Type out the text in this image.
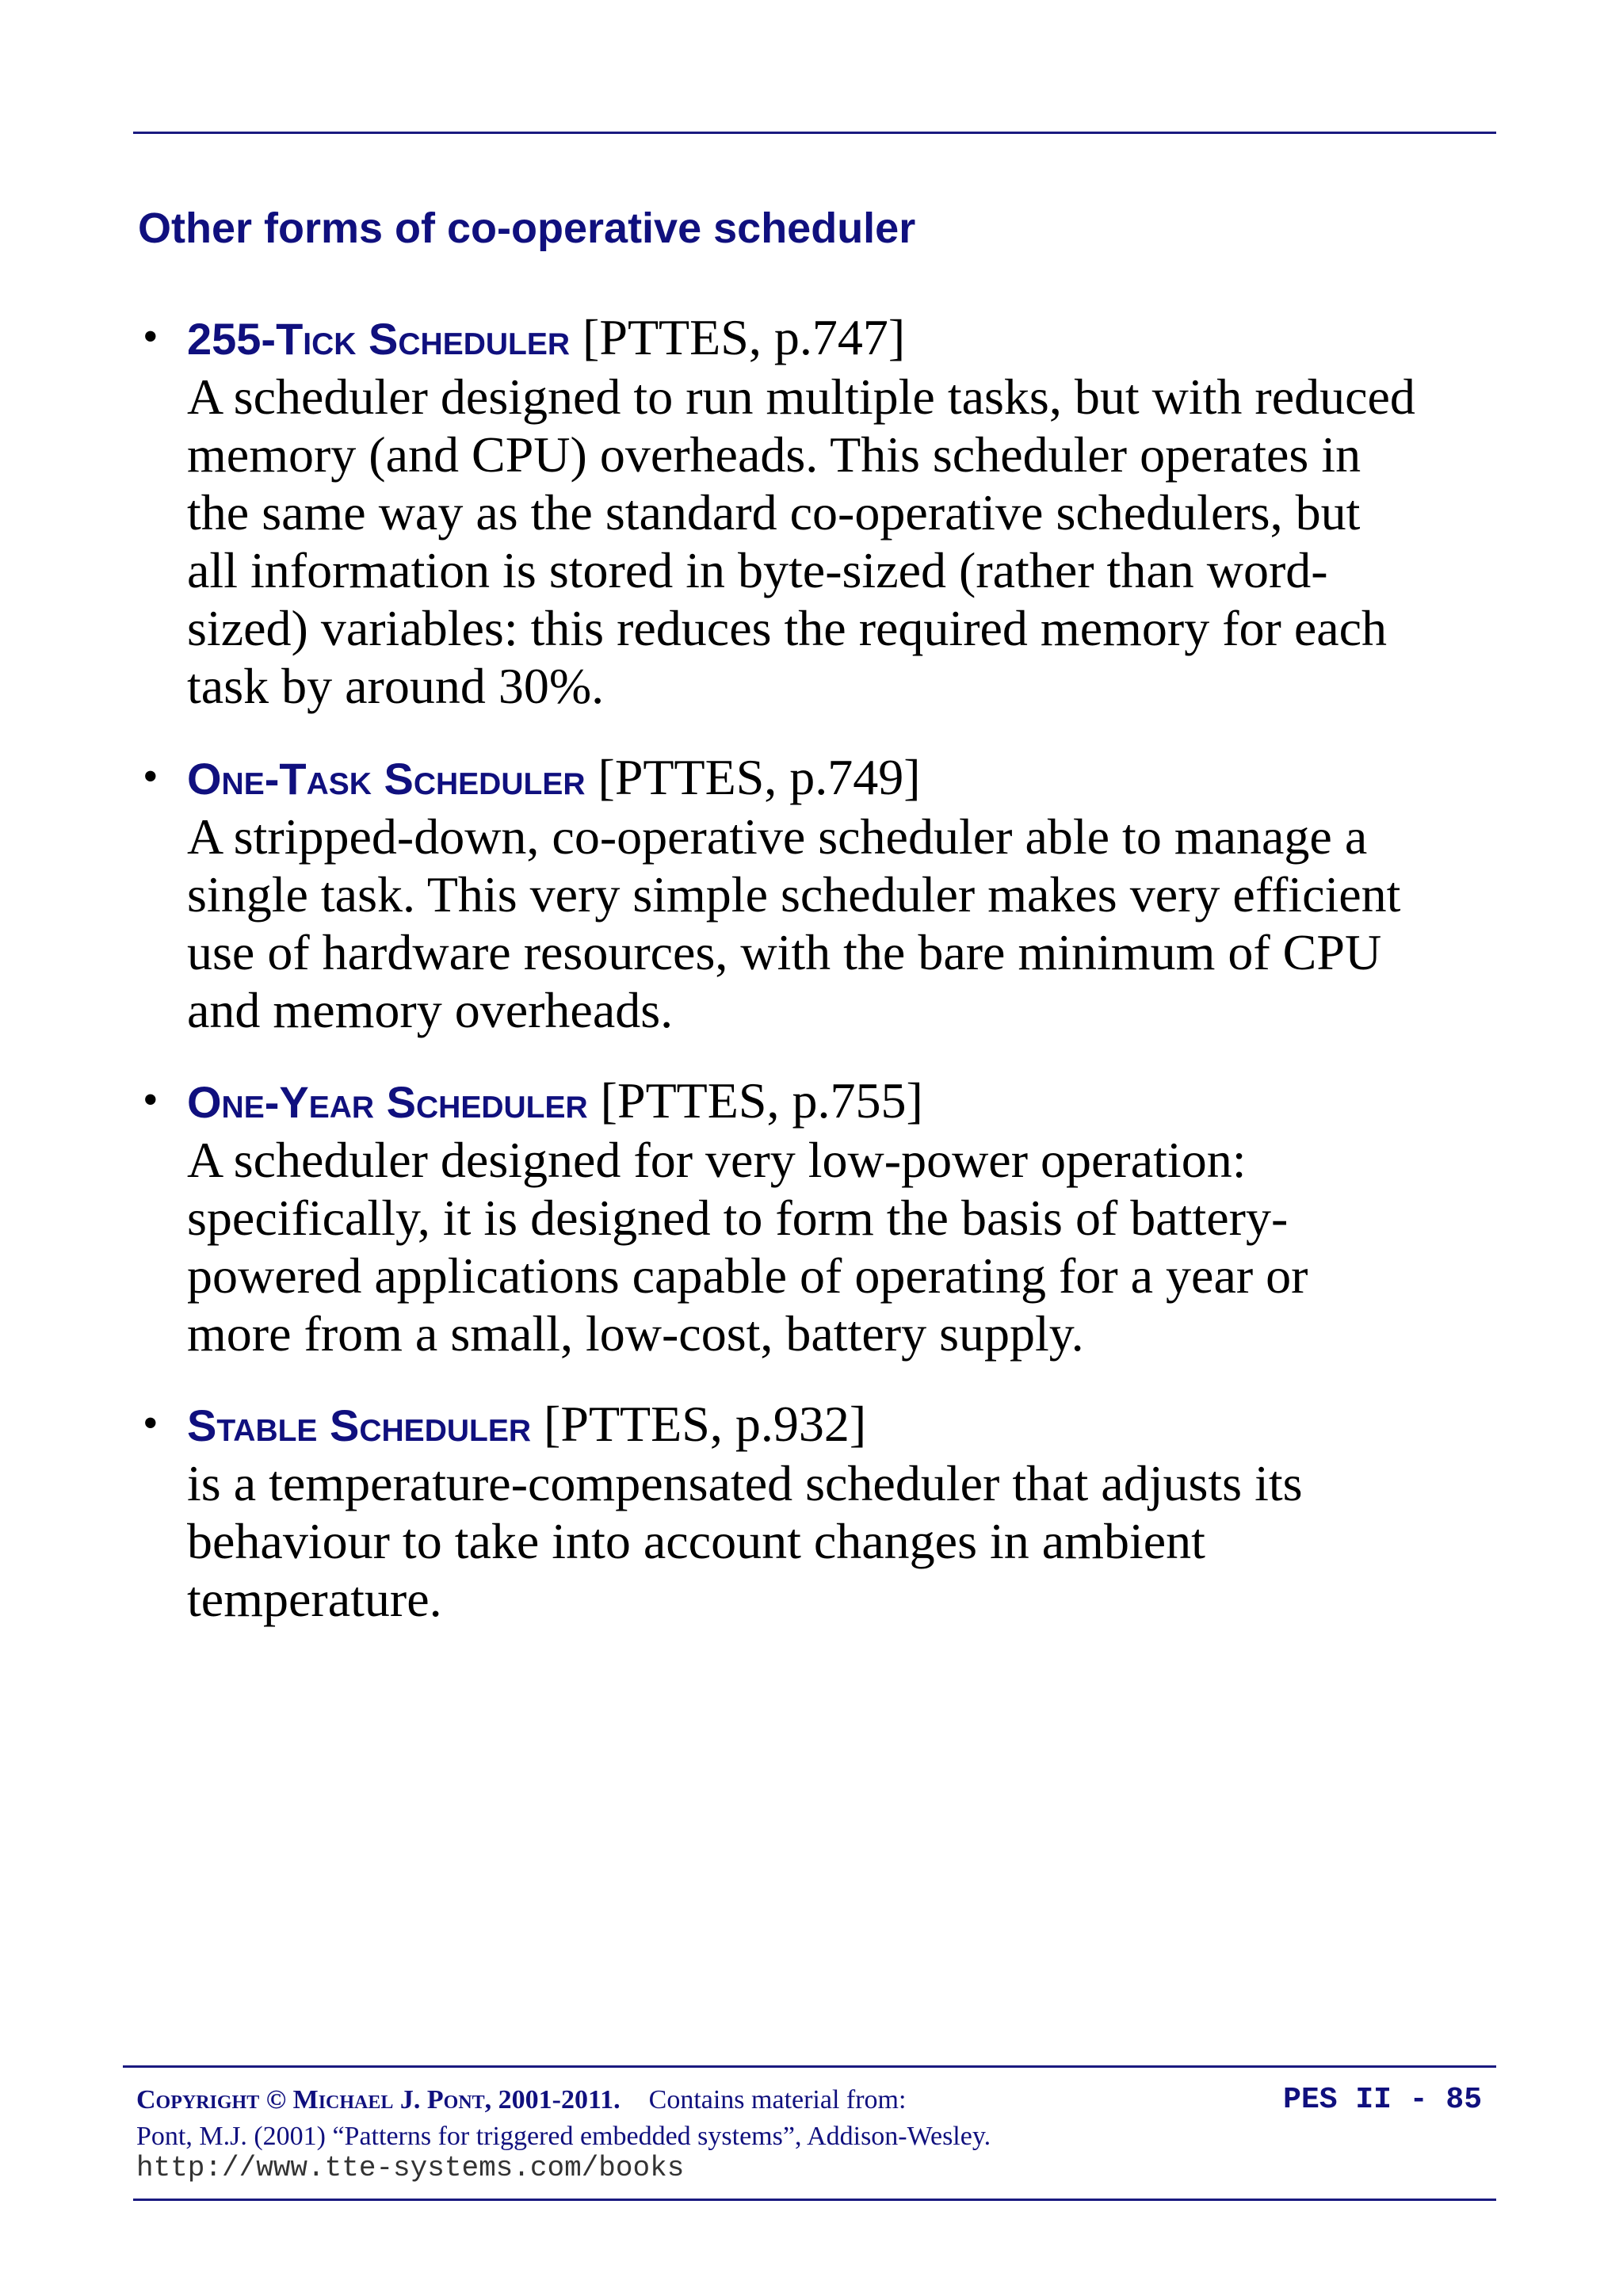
Other forms of co-operative scheduler
• 255-Tick Scheduler [PTTES, p.747]
A scheduler designed to run multiple tasks, but with reduced
memory (and CPU) overheads. This scheduler operates in
the same way as the standard co-operative schedulers, but
all information is stored in byte-sized (rather than word-
sized) variables: this reduces the required memory for each
task by around 30%.
• One-Task Scheduler [PTTES, p.749]
A stripped-down, co-operative scheduler able to manage a
single task. This very simple scheduler makes very efficient
use of hardware resources, with the bare minimum of CPU
and memory overheads.
• One-Year Scheduler [PTTES, p.755]
A scheduler designed for very low-power operation:
specifically, it is designed to form the basis of battery-
powered applications capable of operating for a year or
more from a small, low-cost, battery supply.
• Stable Scheduler [PTTES, p.932]
is a temperature-compensated scheduler that adjusts its
behaviour to take into account changes in ambient
temperature.
Copyright © Michael J. Pont, 2001-2011. Contains material from:
Pont, M.J. (2001) “Patterns for triggered embedded systems”, Addison-Wesley.
http://www.tte-systems.com/books
PES II - 85
